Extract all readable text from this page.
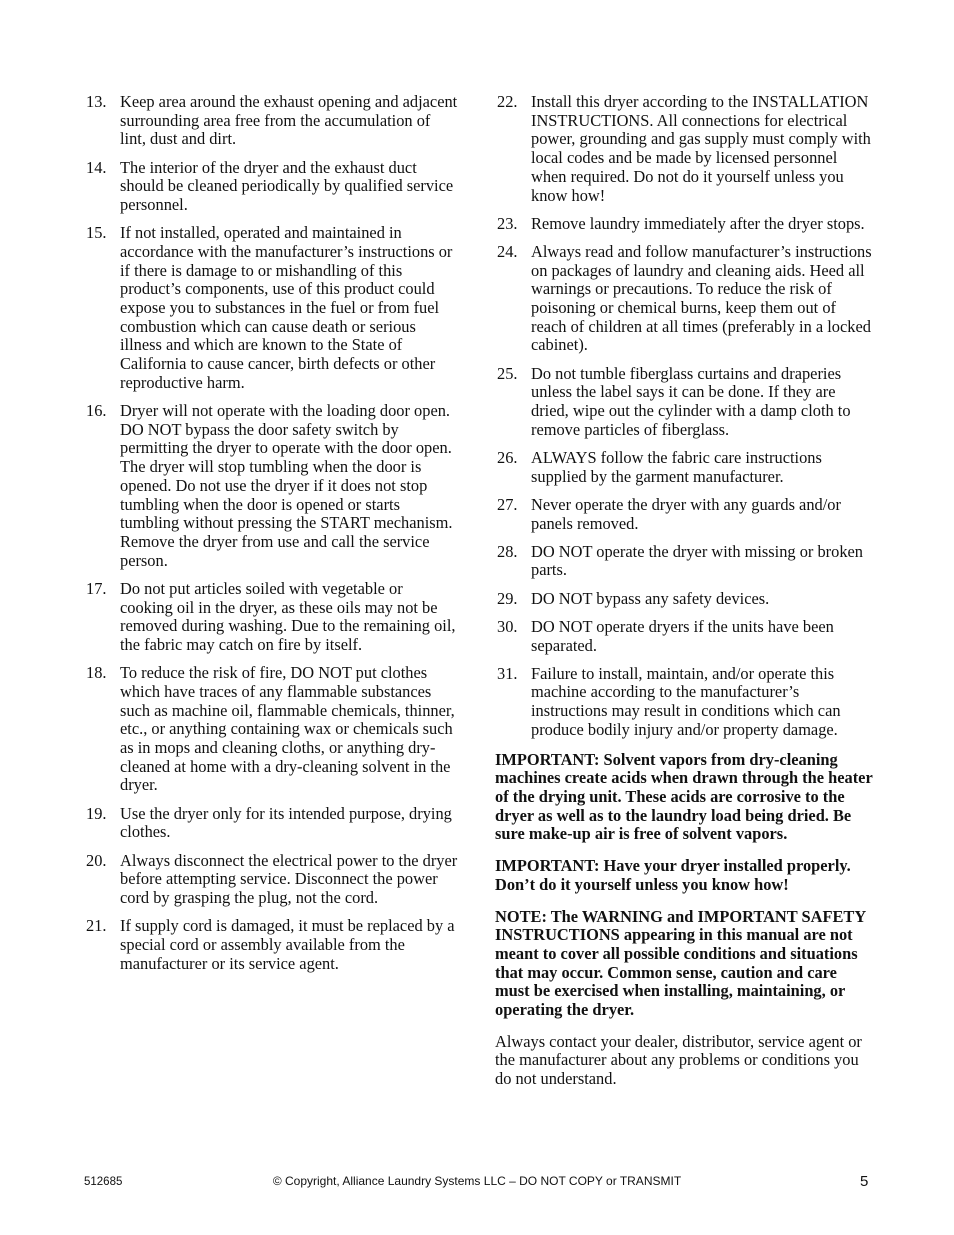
13. Keep area around the exhaust opening and adjacent surrounding area free from the accumulation of lint, dust and dirt.
14. The interior of the dryer and the exhaust duct should be cleaned periodically by qualified service personnel.
15. If not installed, operated and maintained in accordance with the manufacturer’s instructions or if there is damage to or mishandling of this product’s components, use of this product could expose you to substances in the fuel or from fuel combustion which can cause death or serious illness and which are known to the State of California to cause cancer, birth defects or other reproductive harm.
16. Dryer will not operate with the loading door open. DO NOT bypass the door safety switch by permitting the dryer to operate with the door open. The dryer will stop tumbling when the door is opened. Do not use the dryer if it does not stop tumbling when the door is opened or starts tumbling without pressing the START mechanism. Remove the dryer from use and call the service person.
17. Do not put articles soiled with vegetable or cooking oil in the dryer, as these oils may not be removed during washing. Due to the remaining oil, the fabric may catch on fire by itself.
18. To reduce the risk of fire, DO NOT put clothes which have traces of any flammable substances such as machine oil, flammable chemicals, thinner, etc., or anything containing wax or chemicals such as in mops and cleaning cloths, or anything dry-cleaned at home with a dry-cleaning solvent in the dryer.
19. Use the dryer only for its intended purpose, drying clothes.
20. Always disconnect the electrical power to the dryer before attempting service. Disconnect the power cord by grasping the plug, not the cord.
21. If supply cord is damaged, it must be replaced by a special cord or assembly available from the manufacturer or its service agent.
22. Install this dryer according to the INSTALLATION INSTRUCTIONS. All connections for electrical power, grounding and gas supply must comply with local codes and be made by licensed personnel when required. Do not do it yourself unless you know how!
23. Remove laundry immediately after the dryer stops.
24. Always read and follow manufacturer’s instructions on packages of laundry and cleaning aids. Heed all warnings or precautions. To reduce the risk of poisoning or chemical burns, keep them out of reach of children at all times (preferably in a locked cabinet).
25. Do not tumble fiberglass curtains and draperies unless the label says it can be done. If they are dried, wipe out the cylinder with a damp cloth to remove particles of fiberglass.
26. ALWAYS follow the fabric care instructions supplied by the garment manufacturer.
27. Never operate the dryer with any guards and/or panels removed.
28. DO NOT operate the dryer with missing or broken parts.
29. DO NOT bypass any safety devices.
30. DO NOT operate dryers if the units have been separated.
31. Failure to install, maintain, and/or operate this machine according to the manufacturer’s instructions may result in conditions which can produce bodily injury and/or property damage.

IMPORTANT: Solvent vapors from dry-cleaning machines create acids when drawn through the heater of the drying unit. These acids are corrosive to the dryer as well as to the laundry load being dried. Be sure make-up air is free of solvent vapors.

IMPORTANT: Have your dryer installed properly. Don’t do it yourself unless you know how!

NOTE: The WARNING and IMPORTANT SAFETY INSTRUCTIONS appearing in this manual are not meant to cover all possible conditions and situations that may occur. Common sense, caution and care must be exercised when installing, maintaining, or operating the dryer.

Always contact your dealer, distributor, service agent or the manufacturer about any problems or conditions you do not understand.

512685	© Copyright, Alliance Laundry Systems LLC – DO NOT COPY or TRANSMIT	5
